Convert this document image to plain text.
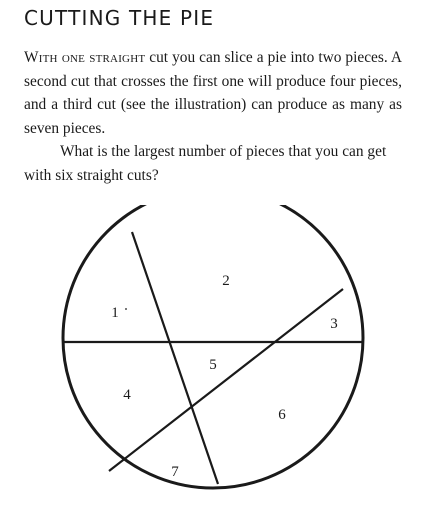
CUTTING THE PIE

With one straight cut you can slice a pie into two pieces. A second cut that crosses the first one will produce four pieces, and a third cut (see the illustration) can produce as many as seven pieces.

What is the largest number of pieces that you can get with six straight cuts?

1
2
3
4
5
6
7
